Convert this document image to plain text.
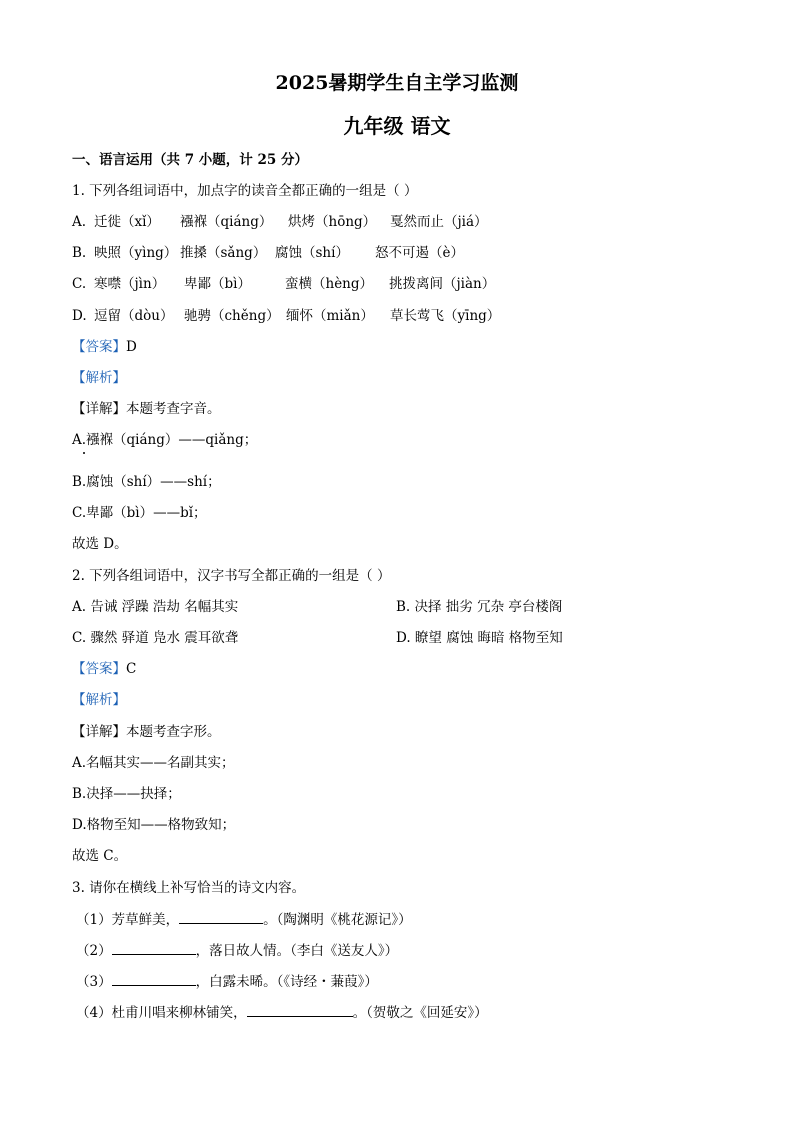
2025暑期学生自主学习监测
九年级 语文
一、语言运用（共 7 小题，计 25 分）
1. 下列各组词语中，加点字的读音全都正确的一组是（ ）
A. 迁徙（xǐ） 襁褓（qiáng） 烘烤（hōng） 戛然而止（jiá）
B. 映照（yìng） 推搡（sǎng） 腐蚀（shí） 怒不可遏（è）
C. 寒噤（jìn） 卑鄙（bì）	蛮横（hèng） 挑拨离间（jiàn）
D. 逗留（dòu） 驰骋（chěng） 缅怀（miǎn） 草长莺飞（yīng）
【答案】D
【解析】
【详解】本题考查字音。
A.襁褓（qiáng）——qiǎng；
B.腐蚀（shí）——shí；
C.卑鄙（bì）——bǐ；
故选 D。
2. 下列各组词语中，汉字书写全都正确的一组是（ ）
A. 告诫 浮躁 浩劫 名幅其实	B. 决择 拙劣 冗杂 亭台楼阁
C. 骤然 驿道 凫水 震耳欲聋	D. 瞭望 腐蚀 晦暗 格物至知
【答案】C
【解析】
【详解】本题考查字形。
A.名幅其实——名副其实；
B.决择——抉择；
D.格物至知——格物致知；
故选 C。
3. 请你在横线上补写恰当的诗文内容。
（1）芳草鲜美，	。（陶渊明《桃花源记》）
（2）	，落日故人情。（李白《送友人》）
（3）	，白露未晞。（《诗经・蒹葭》）
（4）杜甫川唱来柳林铺笑，	。（贺敬之《回延安》）
